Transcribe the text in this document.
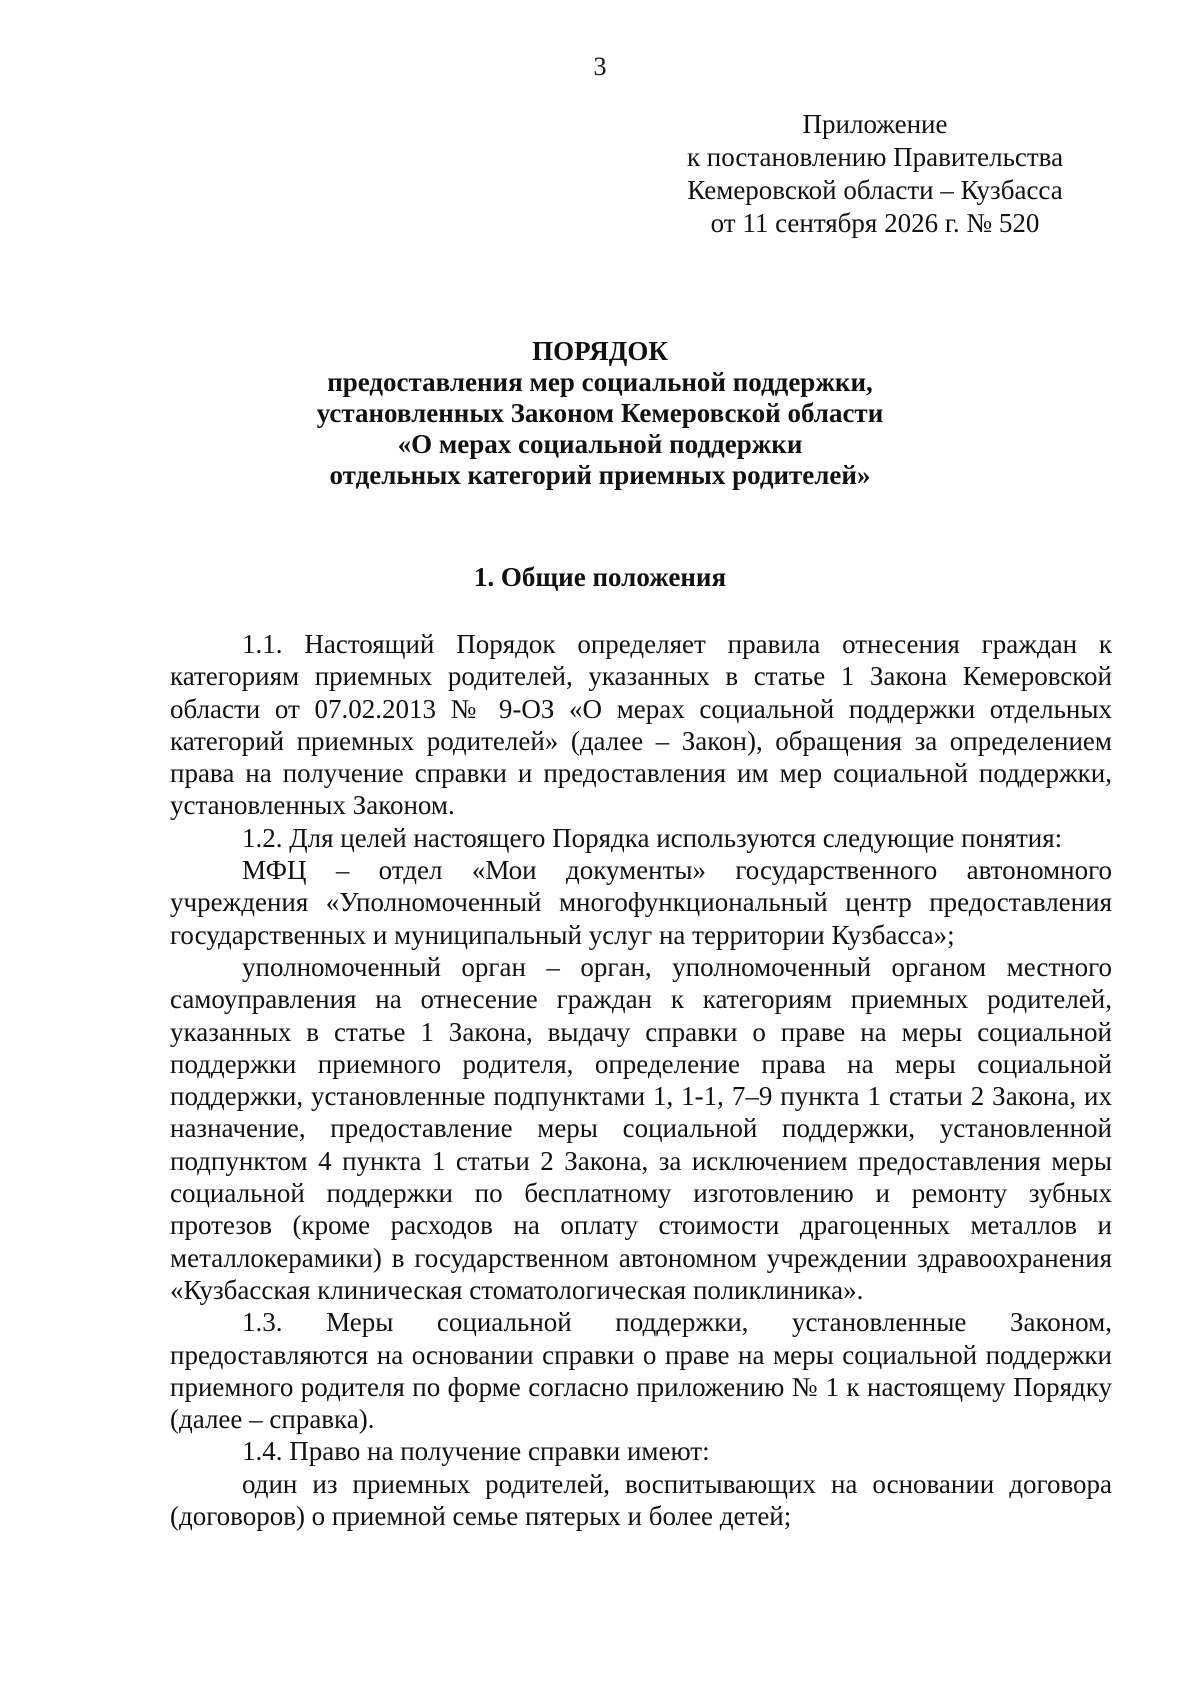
3
Приложение
к постановлению Правительства
Кемеровской области – Кузбасса
от 11 сентября 2026 г. № 520
ПОРЯДОК
предоставления мер социальной поддержки,
установленных Законом Кемеровской области
«О мерах социальной поддержки
отдельных категорий приемных родителей»
1. Общие положения

1.1. Настоящий Порядок определяет правила отнесения граждан к категориям приемных родителей, указанных в статье 1 Закона Кемеровской области от 07.02.2013 № 9-ОЗ «О мерах социальной поддержки отдельных категорий приемных родителей» (далее – Закон), обращения за определением права на получение справки и предоставления им мер социальной поддержки, установленных Законом.

1.2. Для целей настоящего Порядка используются следующие понятия:

МФЦ – отдел «Мои документы» государственного автономного учреждения «Уполномоченный многофункциональный центр предоставления государственных и муниципальный услуг на территории Кузбасса»;

уполномоченный орган – орган, уполномоченный органом местного самоуправления на отнесение граждан к категориям приемных родителей, указанных в статье 1 Закона, выдачу справки о праве на меры социальной поддержки приемного родителя, определение права на меры социальной поддержки, установленные подпунктами 1, 1-1, 7–9 пункта 1 статьи 2 Закона, их назначение, предоставление меры социальной поддержки, установленной подпунктом 4 пункта 1 статьи 2 Закона, за исключением предоставления меры социальной поддержки по бесплатному изготовлению и ремонту зубных протезов (кроме расходов на оплату стоимости драгоценных металлов и металлокерамики) в государственном автономном учреждении здравоохранения «Кузбасская клиническая стоматологическая поликлиника».

1.3. Меры социальной поддержки, установленные Законом, предоставляются на основании справки о праве на меры социальной поддержки приемного родителя по форме согласно приложению № 1 к настоящему Порядку (далее – справка).

1.4. Право на получение справки имеют:

один из приемных родителей, воспитывающих на основании договора (договоров) о приемной семье пятерых и более детей;
